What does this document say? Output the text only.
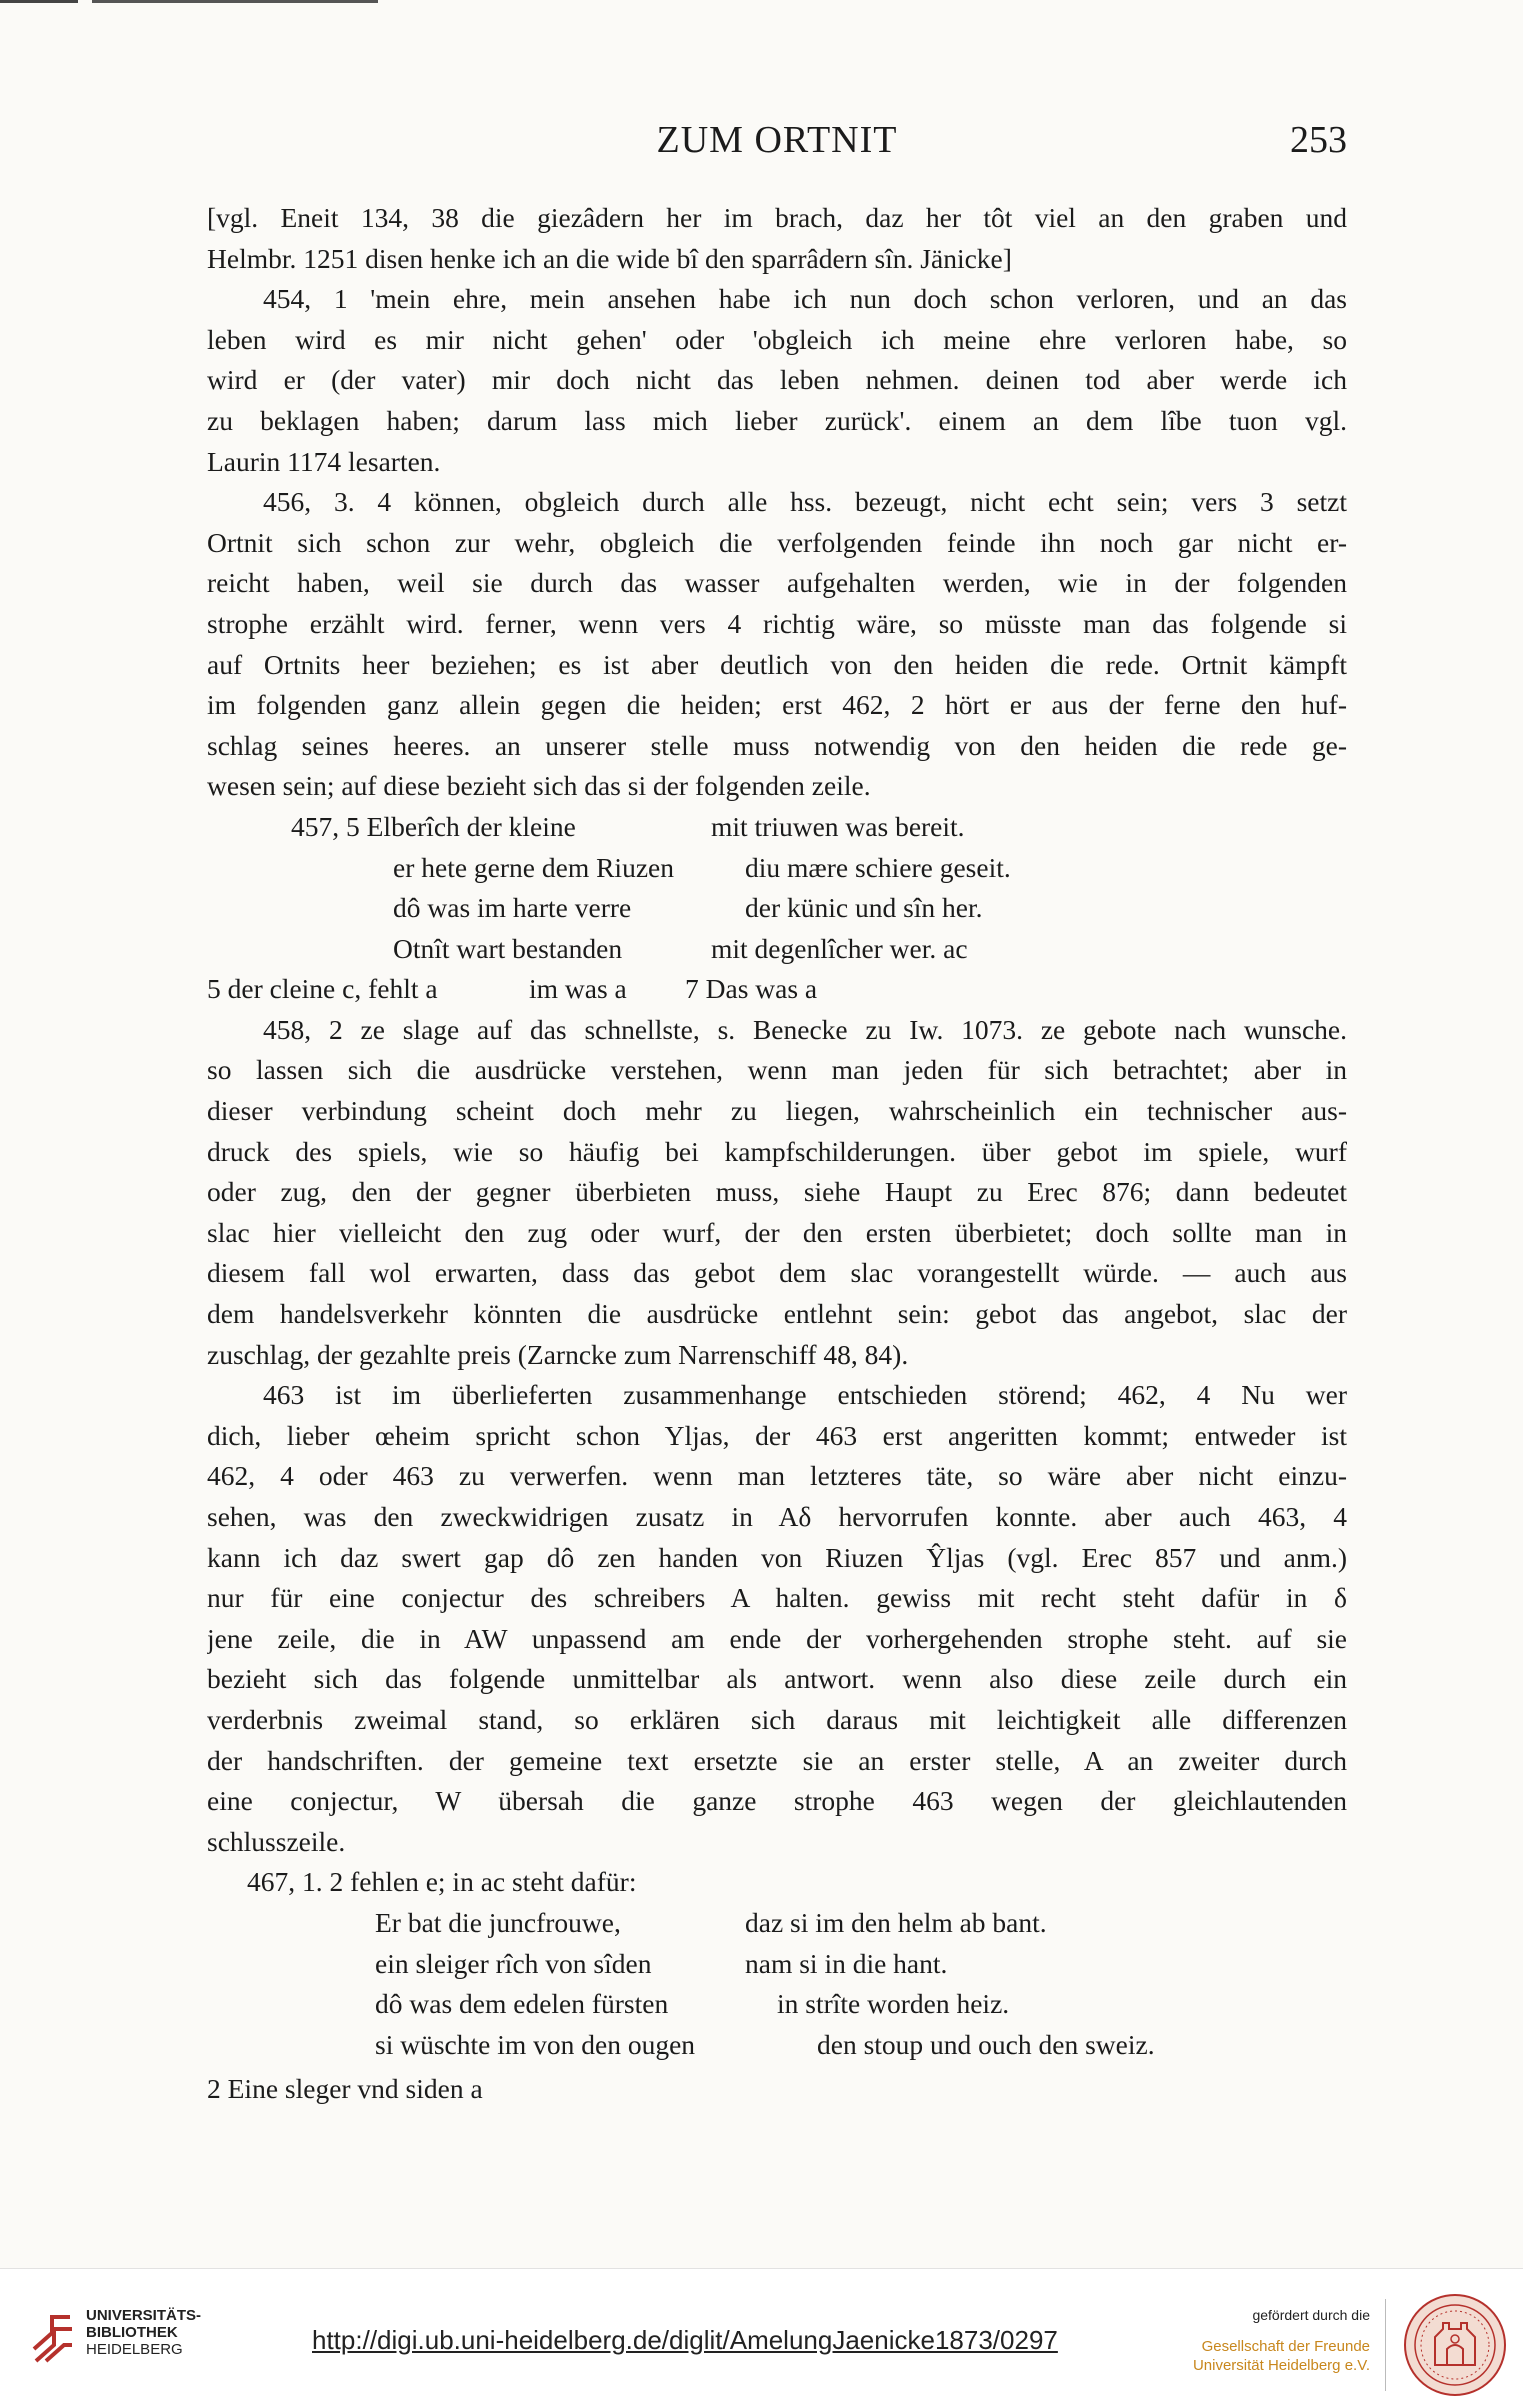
ZUM ORTNIT	253
[vgl. Eneit 134, 38 die giezâdern her im brach, daz her tôt viel an den graben und
Helmbr. 1251 disen henke ich an die wide bî den sparrâdern sîn. Jänicke]
454, 1 'mein ehre, mein ansehen habe ich nun doch schon verloren, und an das
leben wird es mir nicht gehen' oder 'obgleich ich meine ehre verloren habe, so
wird er (der vater) mir doch nicht das leben nehmen. deinen tod aber werde ich
zu beklagen haben; darum lass mich lieber zurück'. einem an dem lîbe tuon vgl.
Laurin 1174 lesarten.
456, 3. 4 können, obgleich durch alle hss. bezeugt, nicht echt sein; vers 3 setzt
Ortnit sich schon zur wehr, obgleich die verfolgenden feinde ihn noch gar nicht er-
reicht haben, weil sie durch das wasser aufgehalten werden, wie in der folgenden
strophe erzählt wird. ferner, wenn vers 4 richtig wäre, so müsste man das folgende si
auf Ortnits heer beziehen; es ist aber deutlich von den heiden die rede. Ortnit kämpft
im folgenden ganz allein gegen die heiden; erst 462, 2 hört er aus der ferne den huf-
schlag seines heeres. an unserer stelle muss notwendig von den heiden die rede ge-
wesen sein; auf diese bezieht sich das si der folgenden zeile.
457, 5 Elberîch der kleine	mit triuwen was bereit.
er hete gerne dem Riuzen	diu mære schiere geseit.
dô was im harte verre	der künic und sîn her.
Otnît wart bestanden	mit degenlîcher wer. ac
5 der cleine c, fehlt a	im was a	7 Das was a
458, 2 ze slage auf das schnellste, s. Benecke zu Iw. 1073. ze gebote nach wunsche.
so lassen sich die ausdrücke verstehen, wenn man jeden für sich betrachtet; aber in
dieser verbindung scheint doch mehr zu liegen, wahrscheinlich ein technischer aus-
druck des spiels, wie so häufig bei kampfschilderungen. über gebot im spiele, wurf
oder zug, den der gegner überbieten muss, siehe Haupt zu Erec 876; dann bedeutet
slac hier vielleicht den zug oder wurf, der den ersten überbietet; doch sollte man in
diesem fall wol erwarten, dass das gebot dem slac vorangestellt würde. — auch aus
dem handelsverkehr könnten die ausdrücke entlehnt sein: gebot das angebot, slac der
zuschlag, der gezahlte preis (Zarncke zum Narrenschiff 48, 84).
463 ist im überlieferten zusammenhange entschieden störend; 462, 4 Nu wer
dich, lieber œheim spricht schon Yljas, der 463 erst angeritten kommt; entweder ist
462, 4 oder 463 zu verwerfen. wenn man letzteres täte, so wäre aber nicht einzu-
sehen, was den zweckwidrigen zusatz in Aδ hervorrufen konnte. aber auch 463, 4
kann ich daz swert gap dô zen handen von Riuzen Ŷljas (vgl. Erec 857 und anm.)
nur für eine conjectur des schreibers A halten. gewiss mit recht steht dafür in δ
jene zeile, die in AW unpassend am ende der vorhergehenden strophe steht. auf sie
bezieht sich das folgende unmittelbar als antwort. wenn also diese zeile durch ein
verderbnis zweimal stand, so erklären sich daraus mit leichtigkeit alle differenzen
der handschriften. der gemeine text ersetzte sie an erster stelle, A an zweiter durch
eine conjectur, W übersah die ganze strophe 463 wegen der gleichlautenden
schlusszeile.
467, 1. 2 fehlen e; in ac steht dafür:
Er bat die juncfrouwe,	daz si im den helm ab bant.
ein sleiger rîch von sîden	nam si in die hant.
dô was dem edelen fürsten	in strîte worden heiz.
si wüschte im von den ougen	den stoup und ouch den sweiz.
2 Eine sleger vnd siden a
UNIVERSITÄTS-
BIBLIOTHEK
HEIDELBERG	http://digi.ub.uni-heidelberg.de/diglit/AmelungJaenicke1873/0297
gefördert durch die
Gesellschaft der Freunde
Universität Heidelberg e.V.
